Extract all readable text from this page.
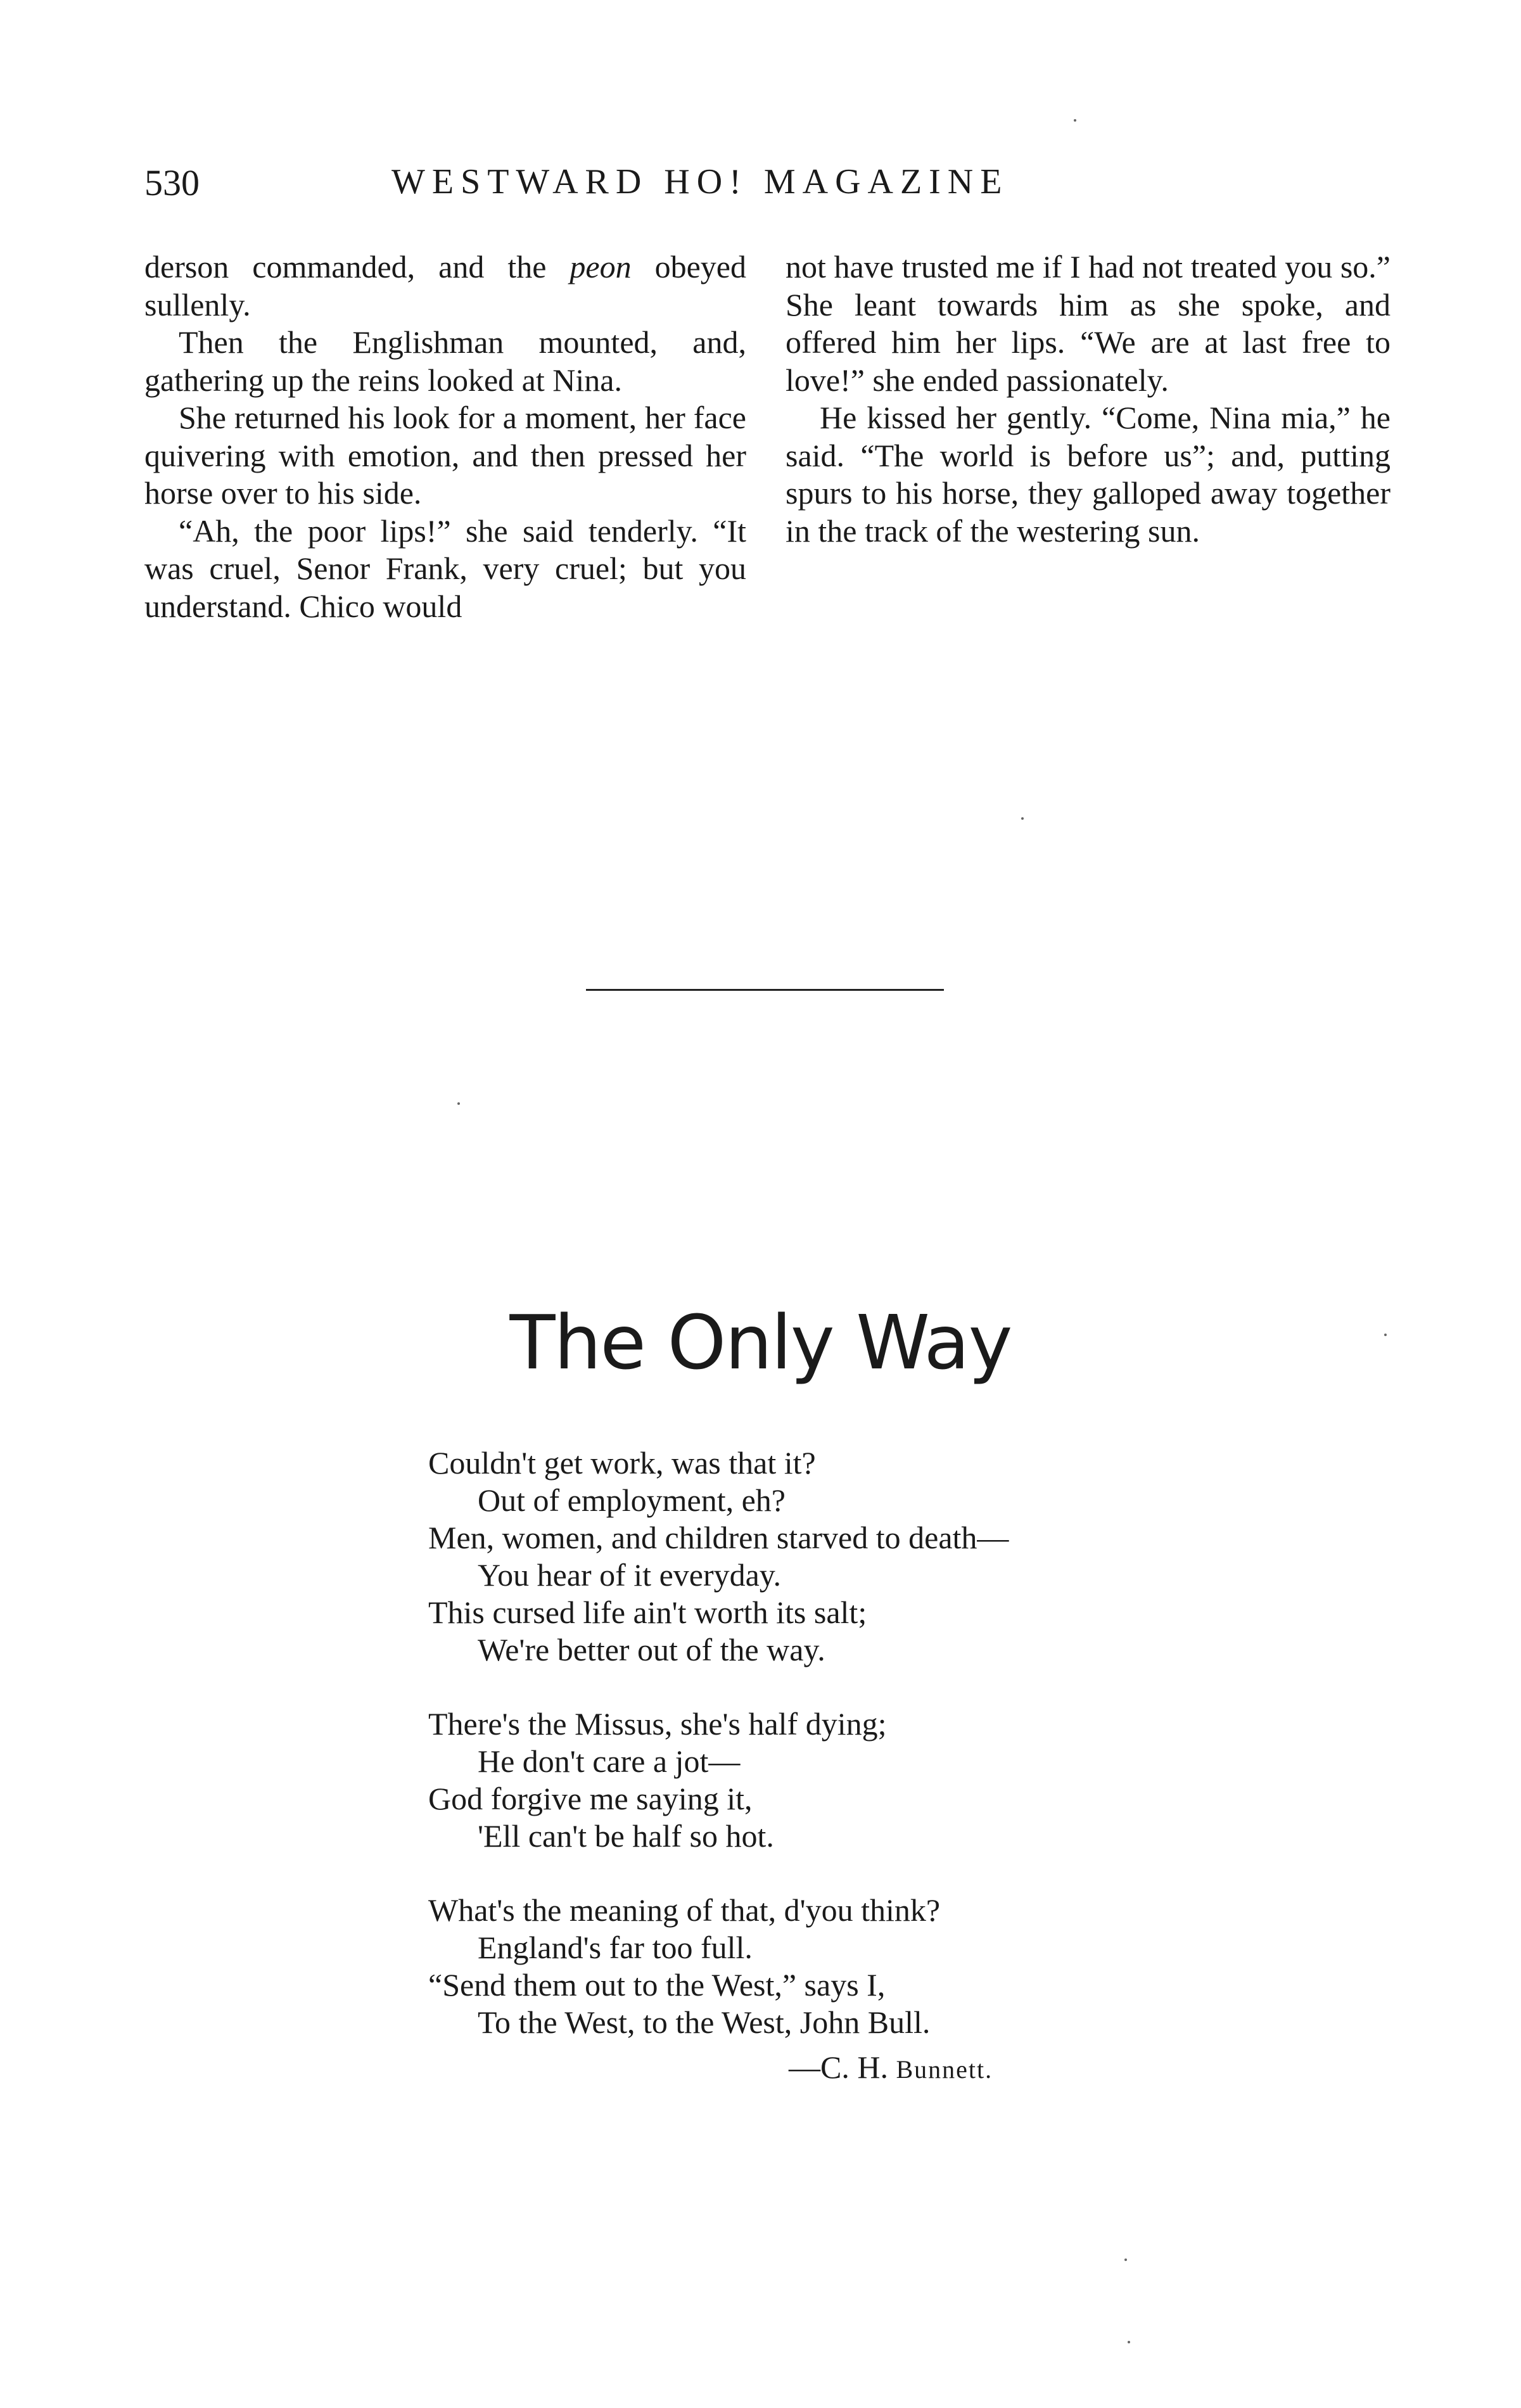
530	WESTWARD HO! MAGAZINE

derson commanded, and the peon obeyed sullenly.

Then the Englishman mounted, and, gathering up the reins looked at Nina.

She returned his look for a moment, her face quivering with emotion, and then pressed her horse over to his side.

“Ah, the poor lips!” she said tenderly. “It was cruel, Senor Frank, very cruel; but you understand. Chico would

not have trusted me if I had not treated you so.” She leant towards him as she spoke, and offered him her lips. “We are at last free to love!” she ended passionately.

He kissed her gently. “Come, Nina mia,” he said. “The world is before us”; and, putting spurs to his horse, they galloped away together in the track of the westering sun.

The Only Way
Couldn't get work, was that it?
Out of employment, eh?
Men, women, and children starved to death—
You hear of it everyday.
This cursed life ain't worth its salt;
We're better out of the way.
There's the Missus, she's half dying;
He don't care a jot—
God forgive me saying it,
'Ell can't be half so hot.
What's the meaning of that, d'you think?
England's far too full.
“Send them out to the West,” says I,
To the West, to the West, John Bull.
—C. H. Bunnett.
